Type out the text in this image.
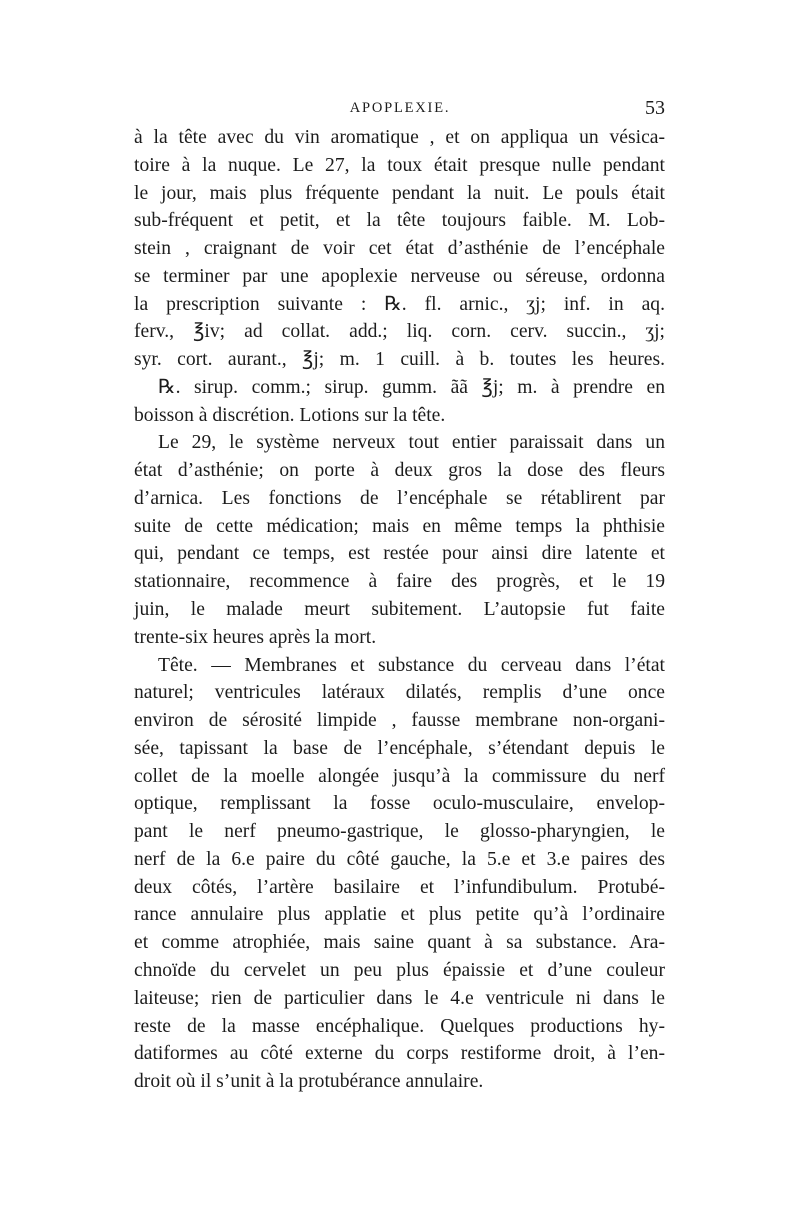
APOPLEXIE.	53
à la tête avec du vin aromatique , et on appliqua un vésica-
toire à la nuque. Le 27, la toux était presque nulle pendant
le jour, mais plus fréquente pendant la nuit. Le pouls était
sub-fréquent et petit, et la tête toujours faible. M. Lob-
stein , craignant de voir cet état d’asthénie de l’encéphale
se terminer par une apoplexie nerveuse ou séreuse, ordonna
la prescription suivante : ℞. fl. arnic., ʒj; inf. in aq.
ferv., ℥iv; ad collat. add.; liq. corn. cerv. succin., ʒj;
syr. cort. aurant., ℥j; m. 1 cuill. à b. toutes les heures.
℞. sirup. comm.; sirup. gumm. ãã ℥j; m. à prendre en
boisson à discrétion. Lotions sur la tête.
Le 29, le système nerveux tout entier paraissait dans un
état d’asthénie; on porte à deux gros la dose des fleurs
d’arnica. Les fonctions de l’encéphale se rétablirent par
suite de cette médication; mais en même temps la phthisie
qui, pendant ce temps, est restée pour ainsi dire latente et
stationnaire, recommence à faire des progrès, et le 19
juin, le malade meurt subitement. L’autopsie fut faite
trente-six heures après la mort.
Tête. — Membranes et substance du cerveau dans l’état
naturel; ventricules latéraux dilatés, remplis d’une once
environ de sérosité limpide , fausse membrane non-organi-
sée, tapissant la base de l’encéphale, s’étendant depuis le
collet de la moelle alongée jusqu’à la commissure du nerf
optique, remplissant la fosse oculo-musculaire, envelop-
pant le nerf pneumo-gastrique, le glosso-pharyngien, le
nerf de la 6.e paire du côté gauche, la 5.e et 3.e paires des
deux côtés, l’artère basilaire et l’infundibulum. Protubé-
rance annulaire plus applatie et plus petite qu’à l’ordinaire
et comme atrophiée, mais saine quant à sa substance. Ara-
chnoïde du cervelet un peu plus épaissie et d’une couleur
laiteuse; rien de particulier dans le 4.e ventricule ni dans le
reste de la masse encéphalique. Quelques productions hy-
datiformes au côté externe du corps restiforme droit, à l’en-
droit où il s’unit à la protubérance annulaire.
